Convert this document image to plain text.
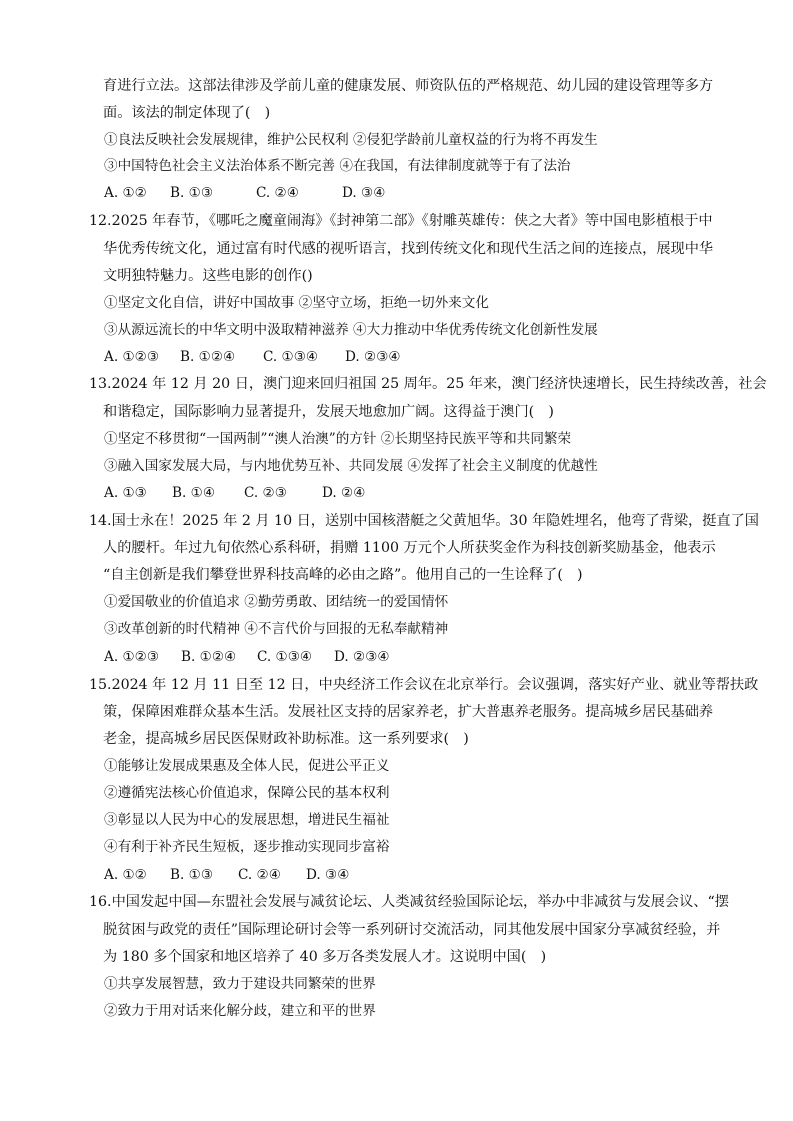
育进行立法。这部法律涉及学前儿童的健康发展、师资队伍的严格规范、幼儿园的建设管理等多方
面。该法的制定体现了(　)
①良法反映社会发展规律，维护公民权利 ②侵犯学龄前儿童权益的行为将不再发生
③中国特色社会主义法治体系不断完善 ④在我国，有法律制度就等于有了法治
A. ①② B. ①③	C. ②④	D. ③④
12.2025 年春节，《哪吒之魔童闹海》《封神第二部》《射雕英雄传：侠之大者》等中国电影植根于中
华优秀传统文化，通过富有时代感的视听语言，找到传统文化和现代生活之间的连接点，展现中华
文明独特魅力。这些电影的创作()
①坚定文化自信，讲好中国故事 ②坚守立场，拒绝一切外来文化
③从源远流长的中华文明中汲取精神滋养 ④大力推动中华优秀传统文化创新性发展
A. ①②③ B. ①②④ C. ①③④ D. ②③④
13.2024 年 12 月 20 日，澳门迎来回归祖国 25 周年。25 年来，澳门经济快速增长，民生持续改善，社会
和谐稳定，国际影响力显著提升，发展天地愈加广阔。这得益于澳门(　)
①坚定不移贯彻“一国两制”“澳人治澳”的方针 ②长期坚持民族平等和共同繁荣
③融入国家发展大局，与内地优势互补、共同发展 ④发挥了社会主义制度的优越性
A. ①③ B. ①④ C. ②③	D. ②④
14.国士永在！2025 年 2 月 10 日，送别中国核潜艇之父黄旭华。30 年隐姓埋名，他弯了背梁，挺直了国
人的腰杆。年过九旬依然心系科研，捐赠 1100 万元个人所获奖金作为科技创新奖励基金，他表示
“自主创新是我们攀登世界科技高峰的必由之路”。他用自己的一生诠释了(　)
①爱国敬业的价值追求 ②勤劳勇敢、团结统一的爱国情怀
③改革创新的时代精神 ④不言代价与回报的无私奉献精神
A. ①②③ B. ①②④ C. ①③④ D. ②③④
15.2024 年 12 月 11 日至 12 日，中央经济工作会议在北京举行。会议强调，落实好产业、就业等帮扶政
策，保障困难群众基本生活。发展社区支持的居家养老，扩大普惠养老服务。提高城乡居民基础养
老金，提高城乡居民医保财政补助标准。这一系列要求(　)
①能够让发展成果惠及全体人民，促进公平正义
②遵循宪法核心价值追求，保障公民的基本权利
③彰显以人民为中心的发展思想，增进民生福祉
④有利于补齐民生短板，逐步推动实现同步富裕
A. ①② B. ①③ C. ②④ D. ③④
16.中国发起中国—东盟社会发展与减贫论坛、人类减贫经验国际论坛，举办中非减贫与发展会议、“摆
脱贫困与政党的责任”国际理论研讨会等一系列研讨交流活动，同其他发展中国家分享减贫经验，并
为 180 多个国家和地区培养了 40 多万各类发展人才。这说明中国(　)
①共享发展智慧，致力于建设共同繁荣的世界
②致力于用对话来化解分歧，建立和平的世界
